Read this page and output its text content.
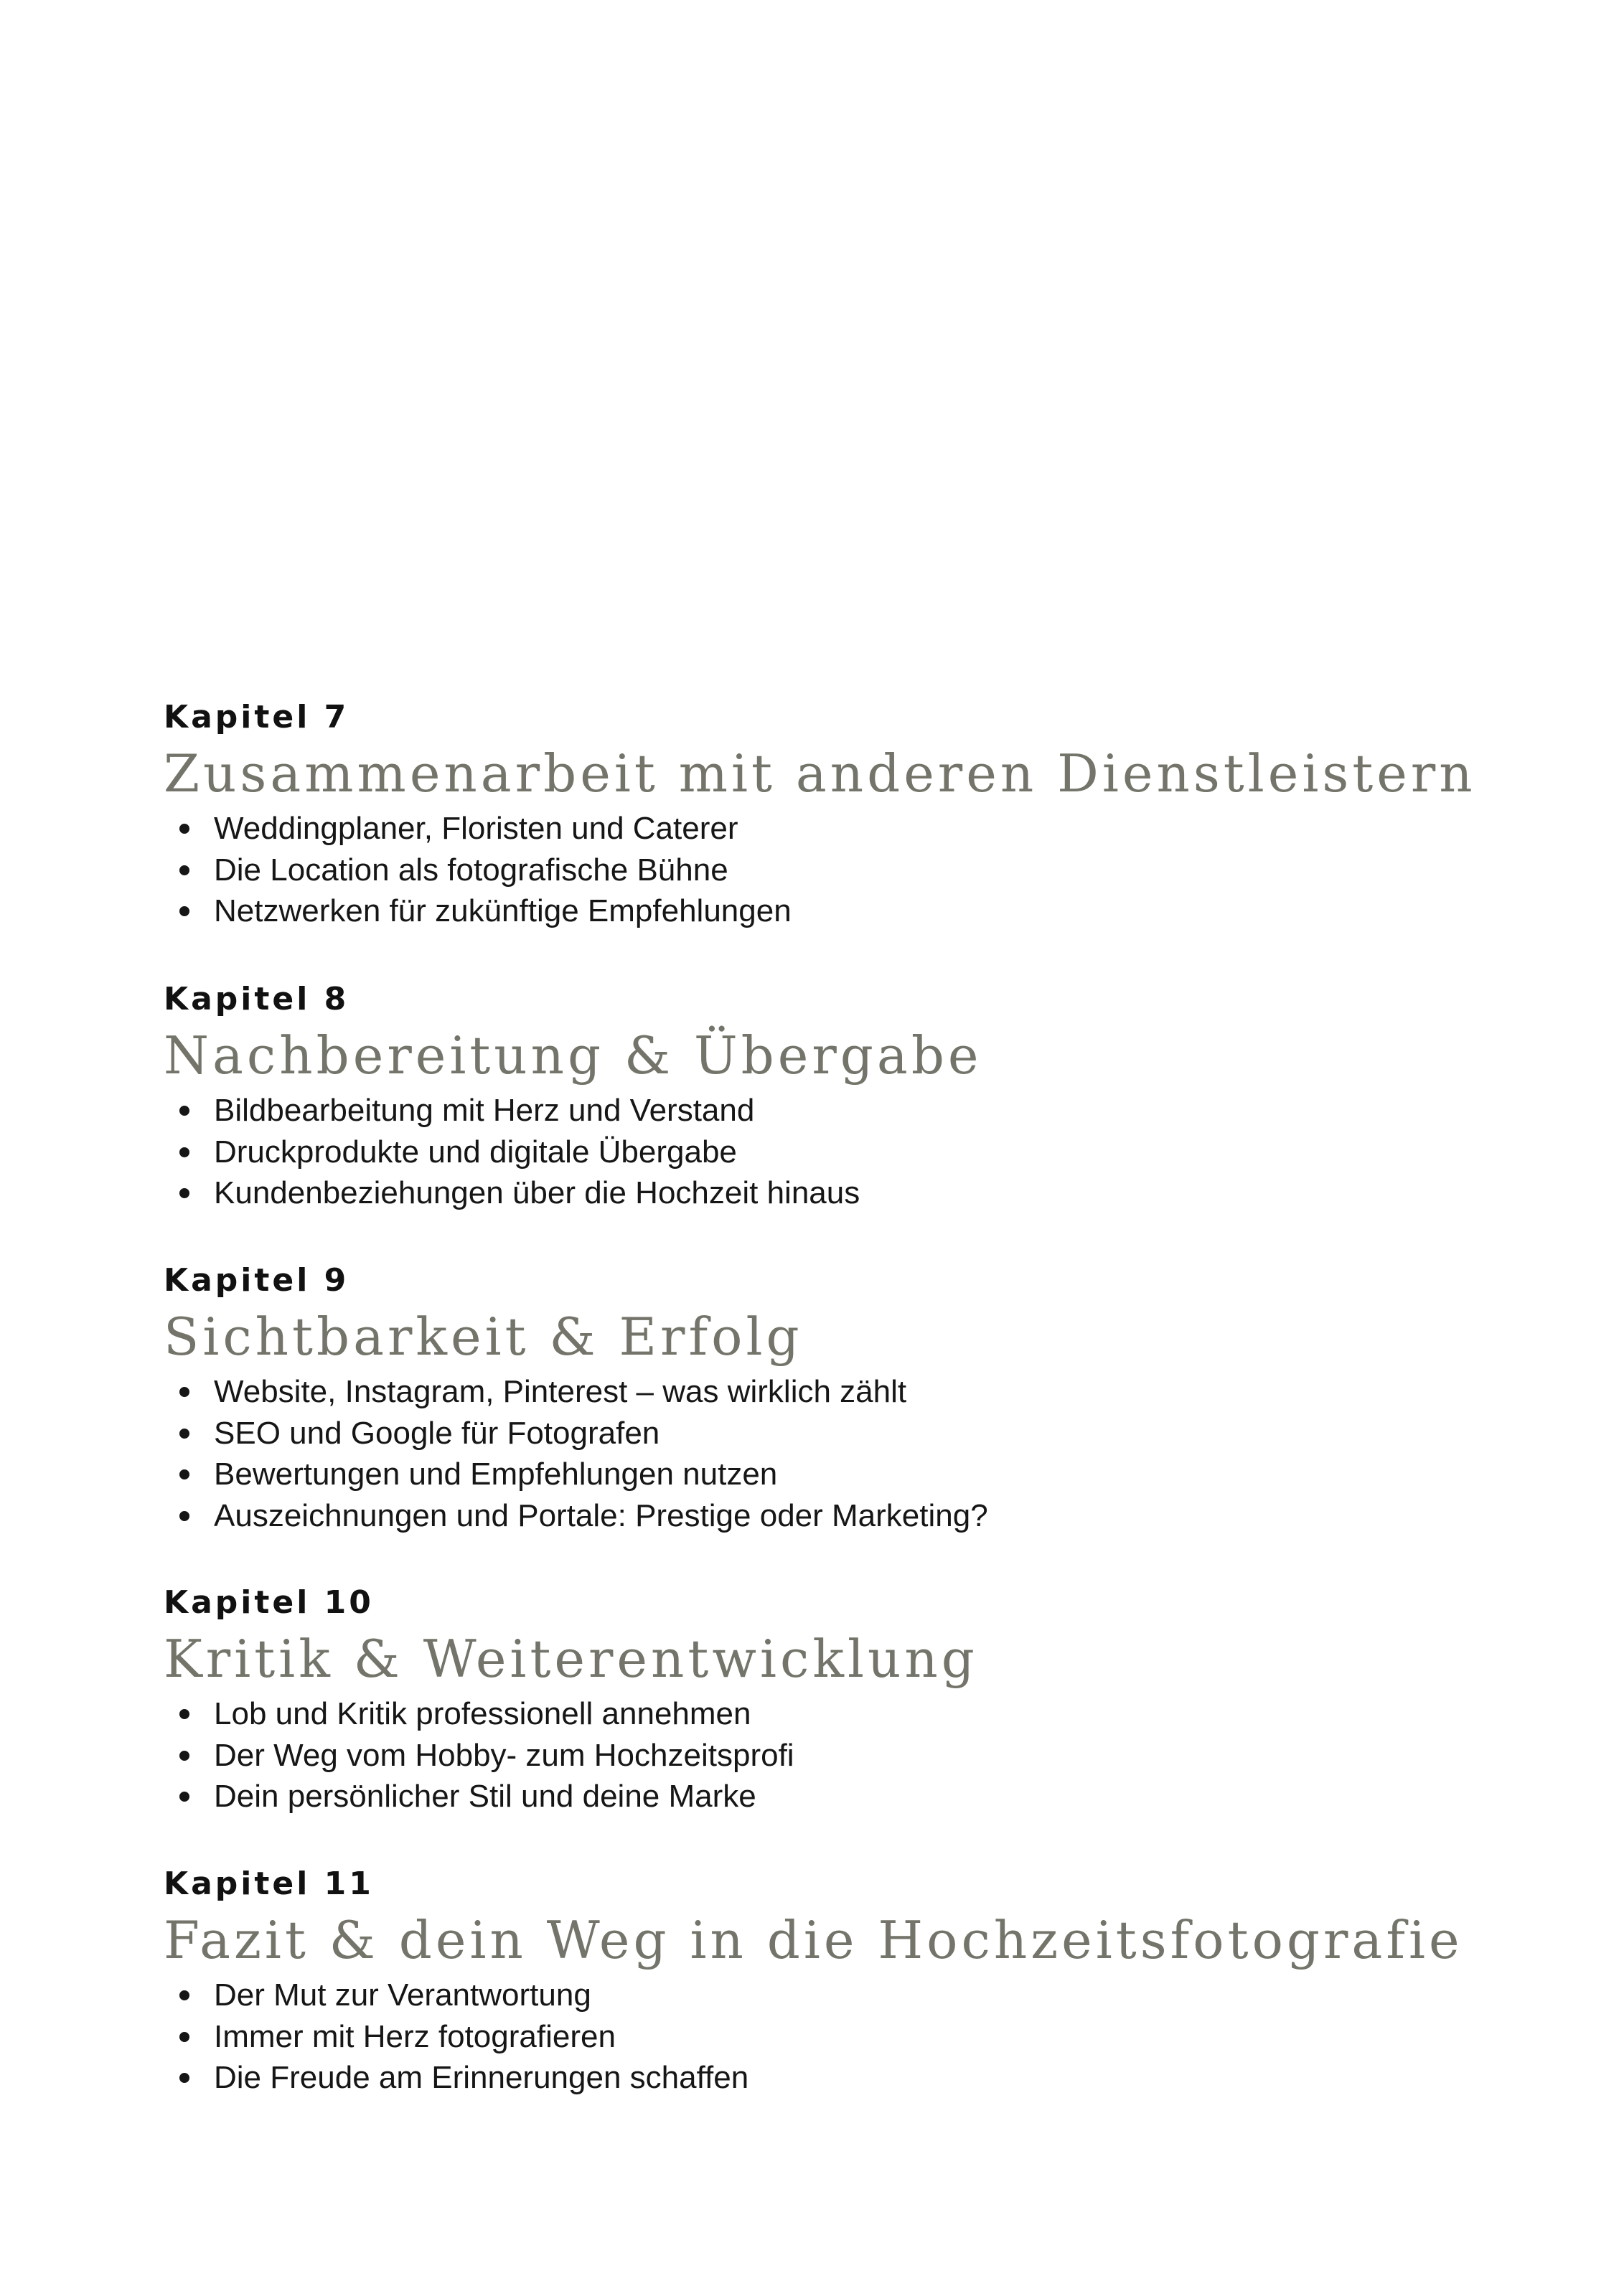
Kapitel 7
Zusammenarbeit mit anderen Dienstleistern
Weddingplaner, Floristen und Caterer
Die Location als fotografische Bühne
Netzwerken für zukünftige Empfehlungen
Kapitel 8
Nachbereitung & Übergabe
Bildbearbeitung mit Herz und Verstand
Druckprodukte und digitale Übergabe
Kundenbeziehungen über die Hochzeit hinaus
Kapitel 9
Sichtbarkeit & Erfolg
Website, Instagram, Pinterest – was wirklich zählt
SEO und Google für Fotografen
Bewertungen und Empfehlungen nutzen
Auszeichnungen und Portale: Prestige oder Marketing?
Kapitel 10
Kritik & Weiterentwicklung
Lob und Kritik professionell annehmen
Der Weg vom Hobby- zum Hochzeitsprofi
Dein persönlicher Stil und deine Marke
Kapitel 11
Fazit & dein Weg in die Hochzeitsfotografie
Der Mut zur Verantwortung
Immer mit Herz fotografieren
Die Freude am Erinnerungen schaffen
